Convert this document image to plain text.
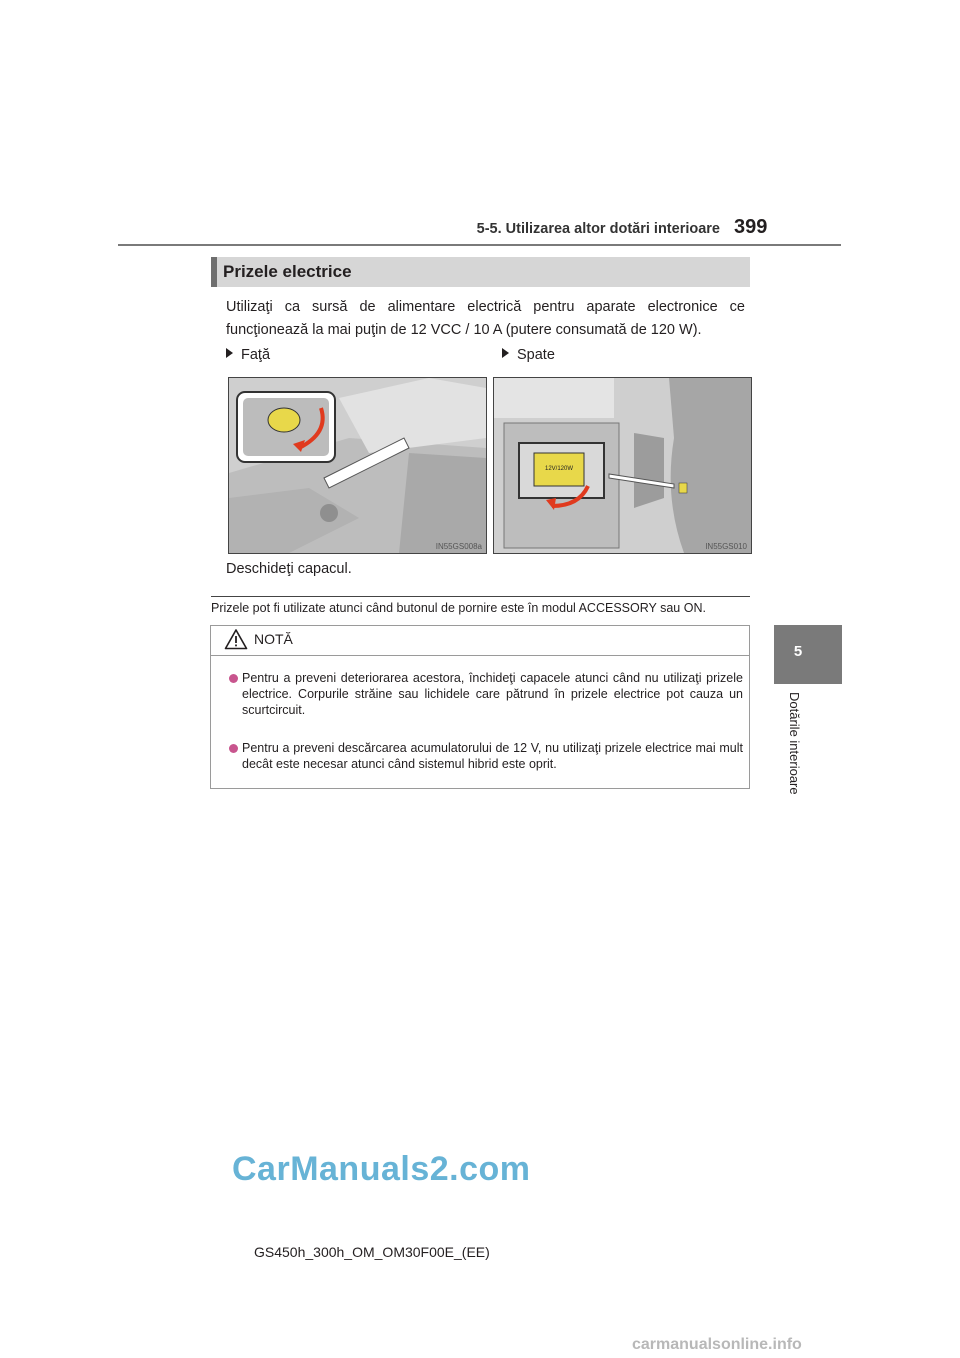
5-5. Utilizarea altor dotări interioare 399
5
Dotările interioare
Prizele electrice
Utilizaţi ca sursă de alimentare electrică pentru aparate electronice ce funcţionează la mai puţin de 12 VCC / 10 A (putere consumată de 120 W).
Faţă	Spate
IN55GS008a
12V/120W
IN55GS010
Deschideţi capacul.
Prizele pot fi utilizate atunci când butonul de pornire este în modul ACCESSORY sau ON.
NOTĂ
Pentru a preveni deteriorarea acestora, închideţi capacele atunci când nu utilizaţi prizele electrice. Corpurile străine sau lichidele care pătrund în prizele electrice pot cauza un scurtcircuit.
Pentru a preveni descărcarea acumulatorului de 12 V, nu utilizaţi prizele electrice mai mult decât este necesar atunci când sistemul hibrid este oprit.
CarManuals2.com
GS450h_300h_OM_OM30F00E_(EE)
carmanualsonline.info
